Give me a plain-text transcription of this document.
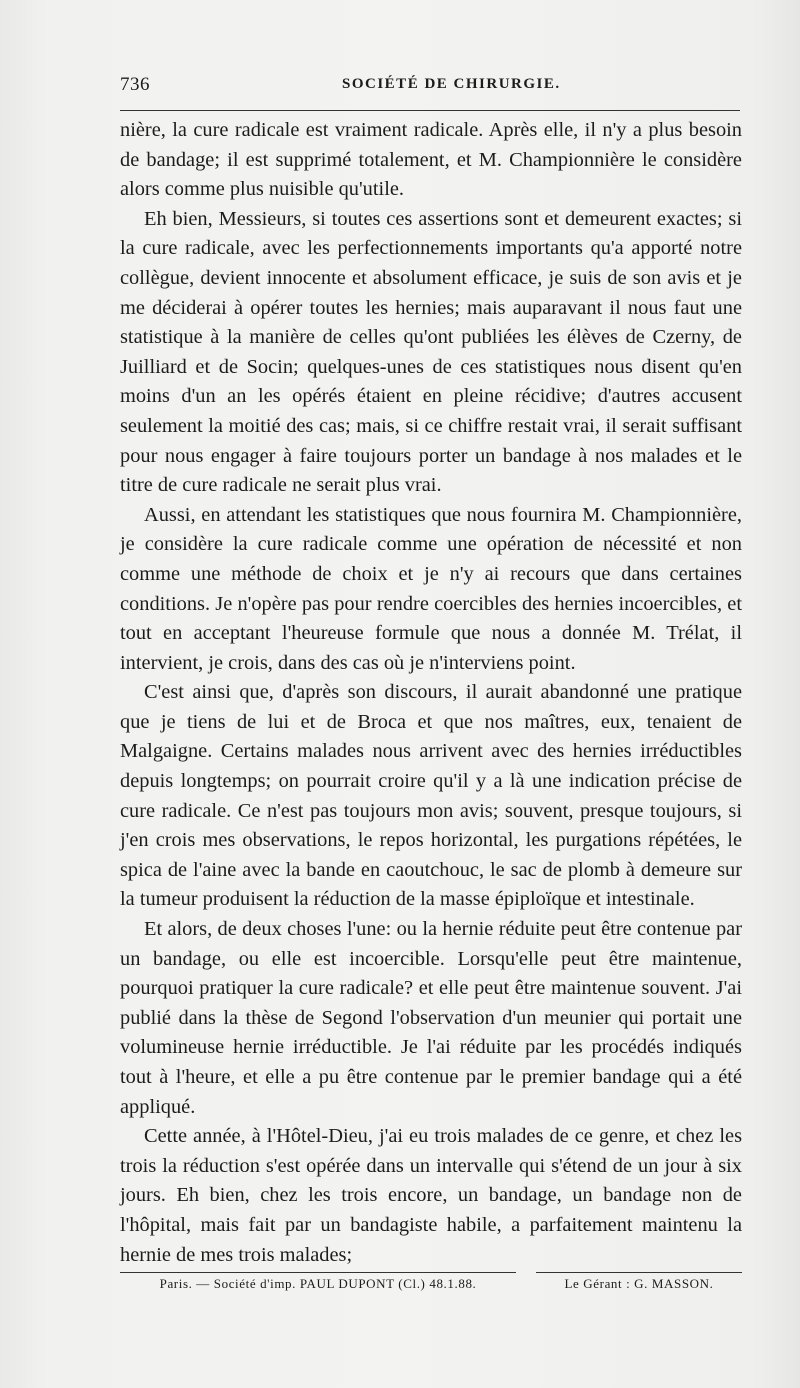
736	SOCIÉTÉ DE CHIRURGIE.

nière, la cure radicale est vraiment radicale. Après elle, il n'y a plus besoin de bandage; il est supprimé totalement, et M. Championnière le considère alors comme plus nuisible qu'utile.

Eh bien, Messieurs, si toutes ces assertions sont et demeurent exactes; si la cure radicale, avec les perfectionnements importants qu'a apporté notre collègue, devient innocente et absolument efficace, je suis de son avis et je me déciderai à opérer toutes les hernies; mais auparavant il nous faut une statistique à la manière de celles qu'ont publiées les élèves de Czerny, de Juilliard et de Socin; quelques-unes de ces statistiques nous disent qu'en moins d'un an les opérés étaient en pleine récidive; d'autres accusent seulement la moitié des cas; mais, si ce chiffre restait vrai, il serait suffisant pour nous engager à faire toujours porter un bandage à nos malades et le titre de cure radicale ne serait plus vrai.

Aussi, en attendant les statistiques que nous fournira M. Championnière, je considère la cure radicale comme une opération de nécessité et non comme une méthode de choix et je n'y ai recours que dans certaines conditions. Je n'opère pas pour rendre coercibles des hernies incoercibles, et tout en acceptant l'heureuse formule que nous a donnée M. Trélat, il intervient, je crois, dans des cas où je n'interviens point.

C'est ainsi que, d'après son discours, il aurait abandonné une pratique que je tiens de lui et de Broca et que nos maîtres, eux, tenaient de Malgaigne. Certains malades nous arrivent avec des hernies irréductibles depuis longtemps; on pourrait croire qu'il y a là une indication précise de cure radicale. Ce n'est pas toujours mon avis; souvent, presque toujours, si j'en crois mes observations, le repos horizontal, les purgations répétées, le spica de l'aine avec la bande en caoutchouc, le sac de plomb à demeure sur la tumeur produisent la réduction de la masse épiploïque et intestinale.

Et alors, de deux choses l'une: ou la hernie réduite peut être contenue par un bandage, ou elle est incoercible. Lorsqu'elle peut être maintenue, pourquoi pratiquer la cure radicale? et elle peut être maintenue souvent. J'ai publié dans la thèse de Segond l'observation d'un meunier qui portait une volumineuse hernie irréductible. Je l'ai réduite par les procédés indiqués tout à l'heure, et elle a pu être contenue par le premier bandage qui a été appliqué.

Cette année, à l'Hôtel-Dieu, j'ai eu trois malades de ce genre, et chez les trois la réduction s'est opérée dans un intervalle qui s'étend de un jour à six jours. Eh bien, chez les trois encore, un bandage, un bandage non de l'hôpital, mais fait par un bandagiste habile, a parfaitement maintenu la hernie de mes trois malades;

Paris. — Société d'imp. PAUL DUPONT (Cl.) 48.1.88.	Le Gérant : G. MASSON.
